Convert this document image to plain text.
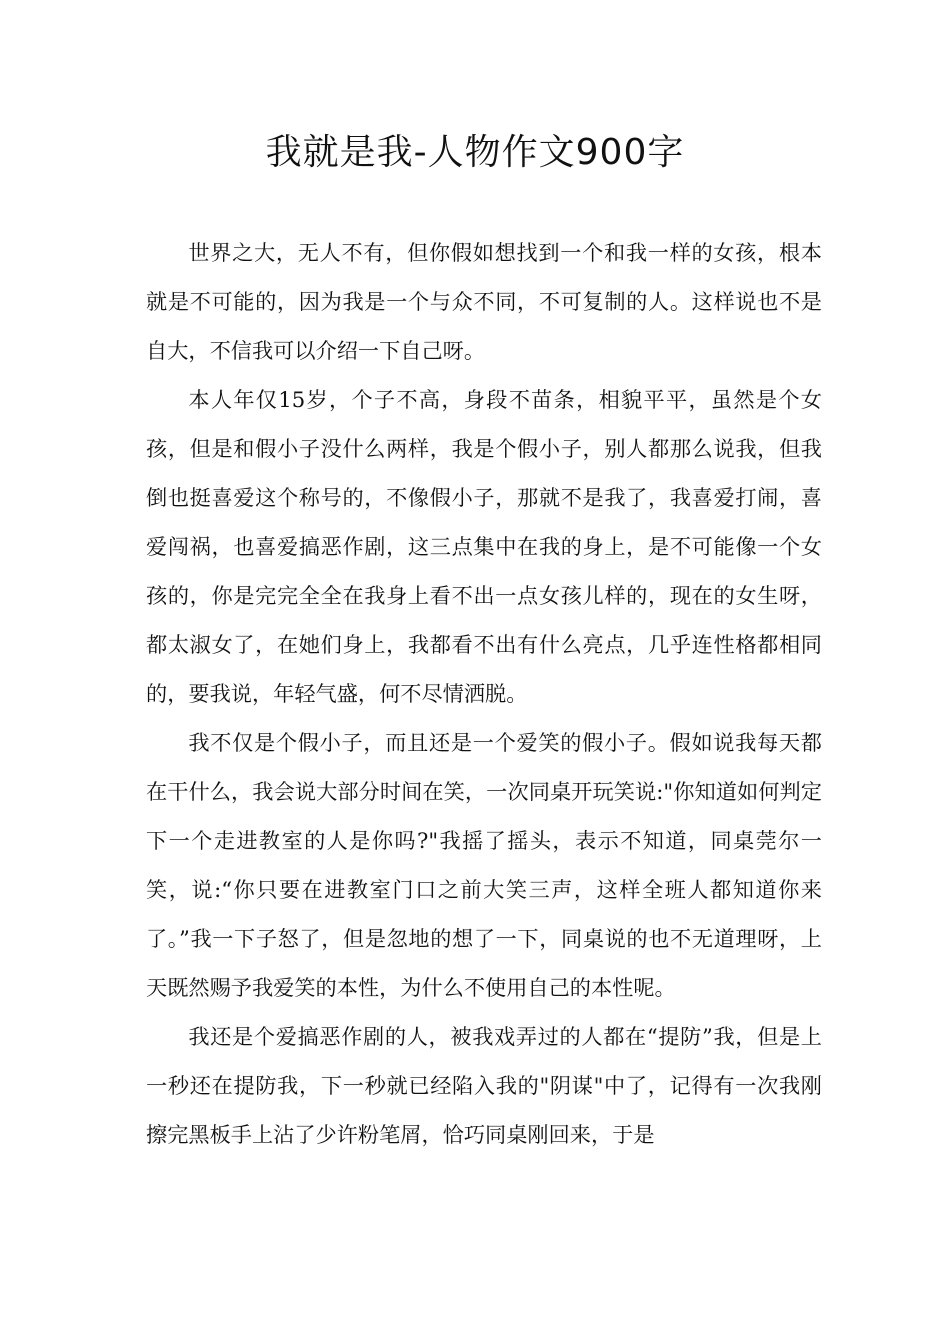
我就是我-人物作文900字

世界之大，无人不有，但你假如想找到一个和我一样的女孩，根本就是不可能的，因为我是一个与众不同，不可复制的人。这样说也不是自大，不信我可以介绍一下自己呀。

本人年仅15岁，个子不高，身段不苗条，相貌平平，虽然是个女孩，但是和假小子没什么两样，我是个假小子，别人都那么说我，但我倒也挺喜爱这个称号的，不像假小子，那就不是我了，我喜爱打闹，喜爱闯祸，也喜爱搞恶作剧，这三点集中在我的身上，是不可能像一个女孩的，你是完完全全在我身上看不出一点女孩儿样的，现在的女生呀，都太淑女了，在她们身上，我都看不出有什么亮点，几乎连性格都相同的，要我说，年轻气盛，何不尽情洒脱。

我不仅是个假小子，而且还是一个爱笑的假小子。假如说我每天都在干什么，我会说大部分时间在笑，一次同桌开玩笑说:"你知道如何判定下一个走进教室的人是你吗?"我摇了摇头，表示不知道，同桌莞尔一笑，说:“你只要在进教室门口之前大笑三声，这样全班人都知道你来了。”我一下子怒了，但是忽地的想了一下，同桌说的也不无道理呀，上天既然赐予我爱笑的本性，为什么不使用自己的本性呢。

我还是个爱搞恶作剧的人，被我戏弄过的人都在“提防”我，但是上一秒还在提防我，下一秒就已经陷入我的"阴谋"中了，记得有一次我刚擦完黑板手上沾了少许粉笔屑，恰巧同桌刚回来，于是
